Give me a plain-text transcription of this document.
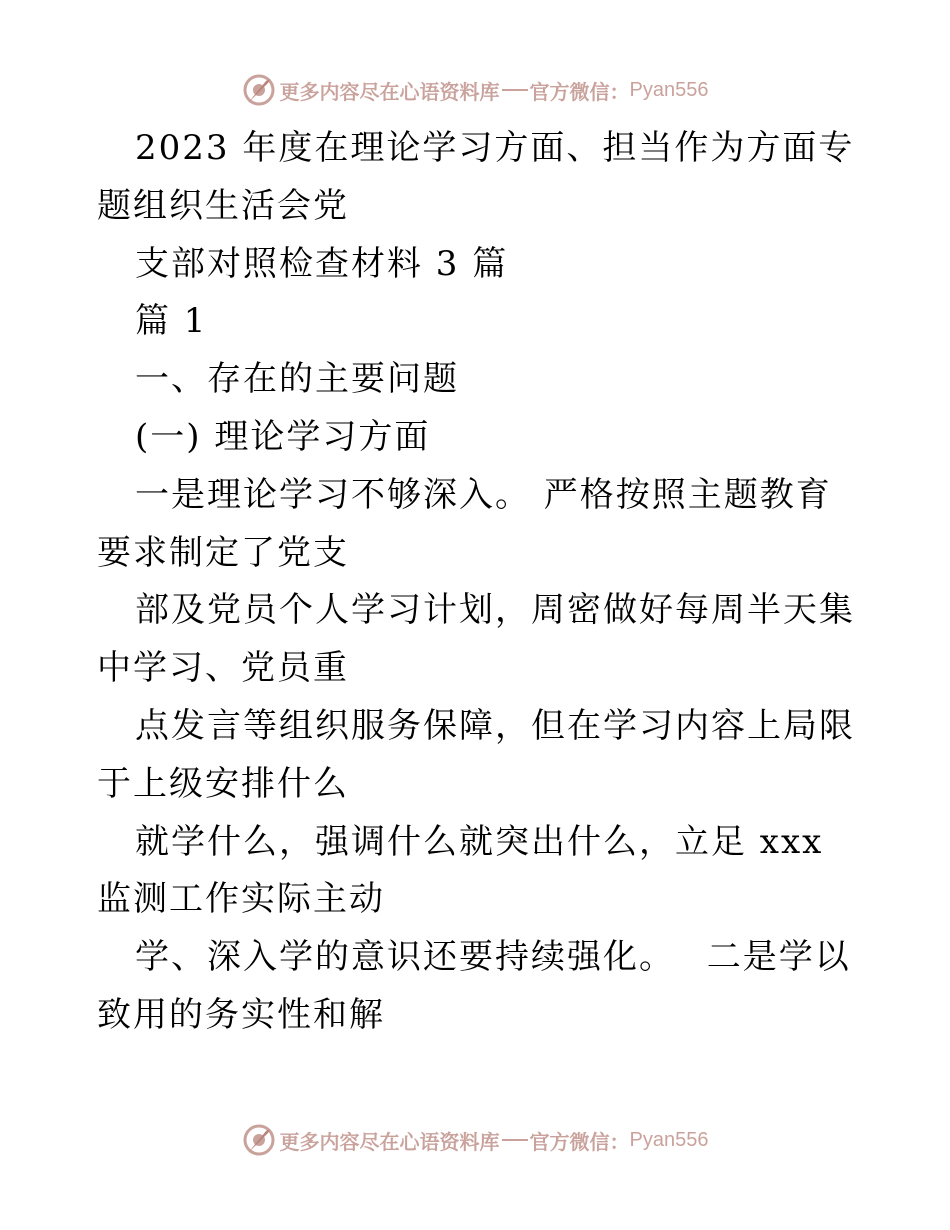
更多内容尽在心语资料库 官方微信： Pyan556

2023 年度在理论学习方面、担当作为方面专题组织生活会党

支部对照检查材料 3 篇

篇 1

一、存在的主要问题

(一) 理论学习方面

一是理论学习不够深入。 严格按照主题教育要求制定了党支

部及党员个人学习计划，周密做好每周半天集中学习、党员重

点发言等组织服务保障，但在学习内容上局限于上级安排什么

就学什么，强调什么就突出什么，立足 xxx 监测工作实际主动

学、深入学的意识还要持续强化。　 二是学以致用的务实性和解

更多内容尽在心语资料库 官方微信： Pyan556
